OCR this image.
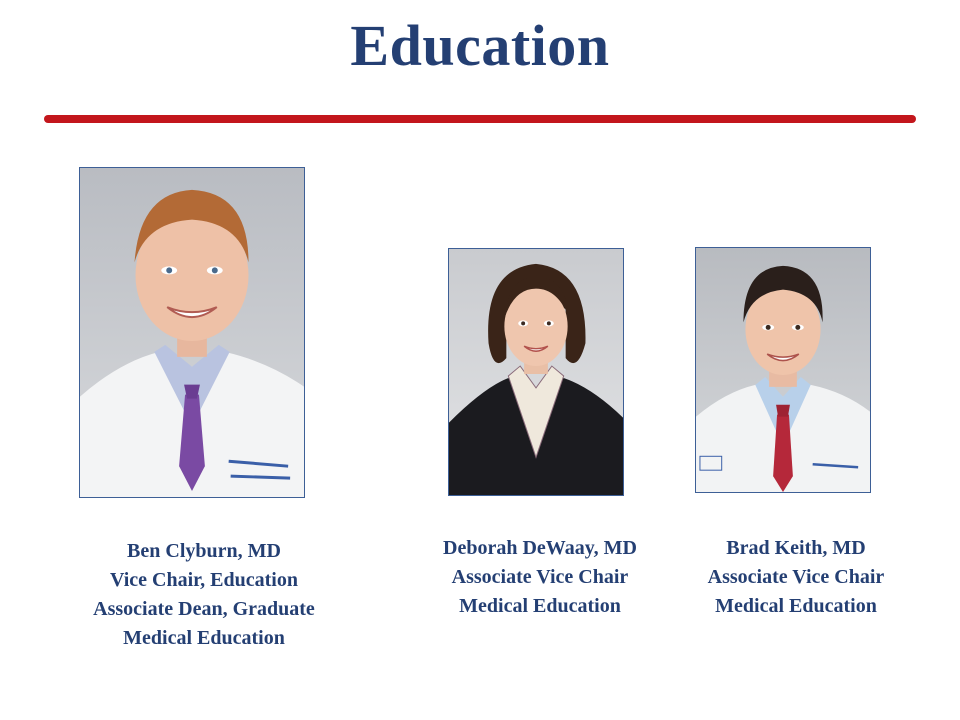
Education
Ben Clyburn, MD
Vice Chair, Education
Associate Dean, Graduate
Medical Education
Deborah DeWaay, MD
Associate Vice Chair
Medical Education
Brad Keith, MD
Associate Vice Chair
Medical Education
